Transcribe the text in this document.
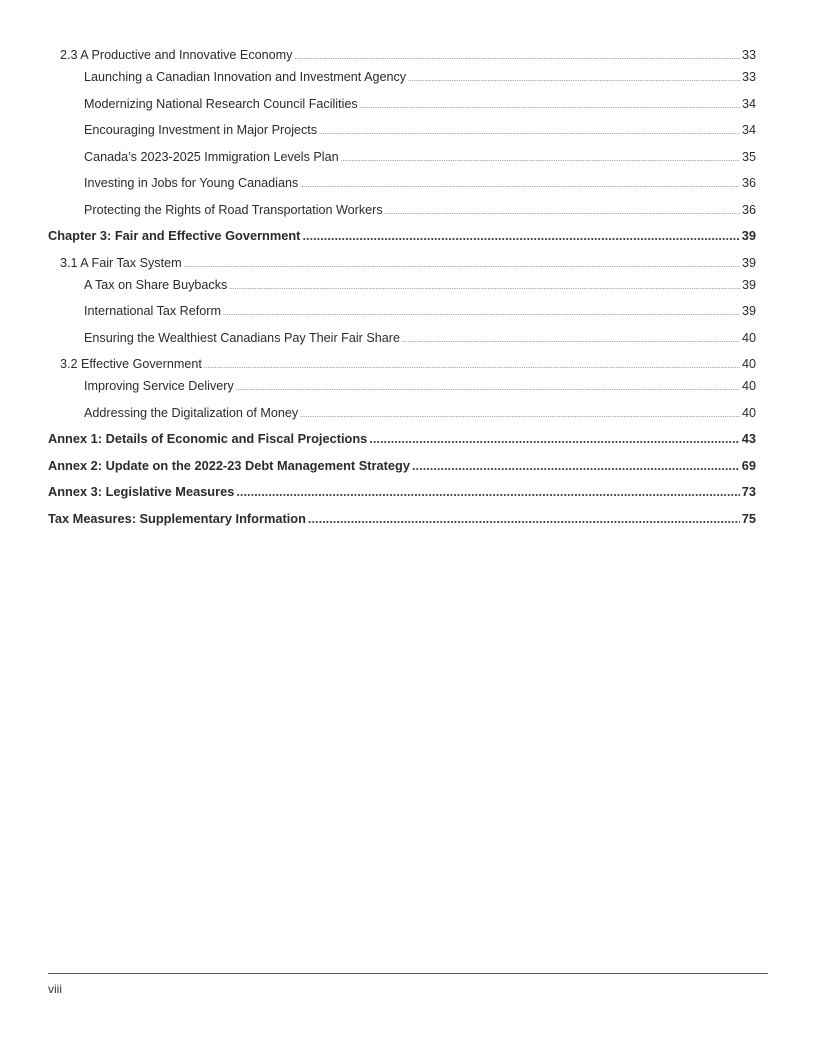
2.3 A Productive and Innovative Economy .....	33
Launching a Canadian Innovation and Investment Agency .....	33
Modernizing National Research Council Facilities .....	34
Encouraging Investment in Major Projects .....	34
Canada’s 2023-2025 Immigration Levels Plan .....	35
Investing in Jobs for Young Canadians .....	36
Protecting the Rights of Road Transportation Workers .....	36
Chapter 3: Fair and Effective Government .....	39
3.1 A Fair Tax System .....	39
A Tax on Share Buybacks .....	39
International Tax Reform .....	39
Ensuring the Wealthiest Canadians Pay Their Fair Share .....	40
3.2 Effective Government .....	40
Improving Service Delivery .....	40
Addressing the Digitalization of Money .....	40
Annex 1: Details of Economic and Fiscal Projections .....	43
Annex 2: Update on the 2022-23 Debt Management Strategy .....	69
Annex 3: Legislative Measures .....	73
Tax Measures: Supplementary Information .....	75
viii
